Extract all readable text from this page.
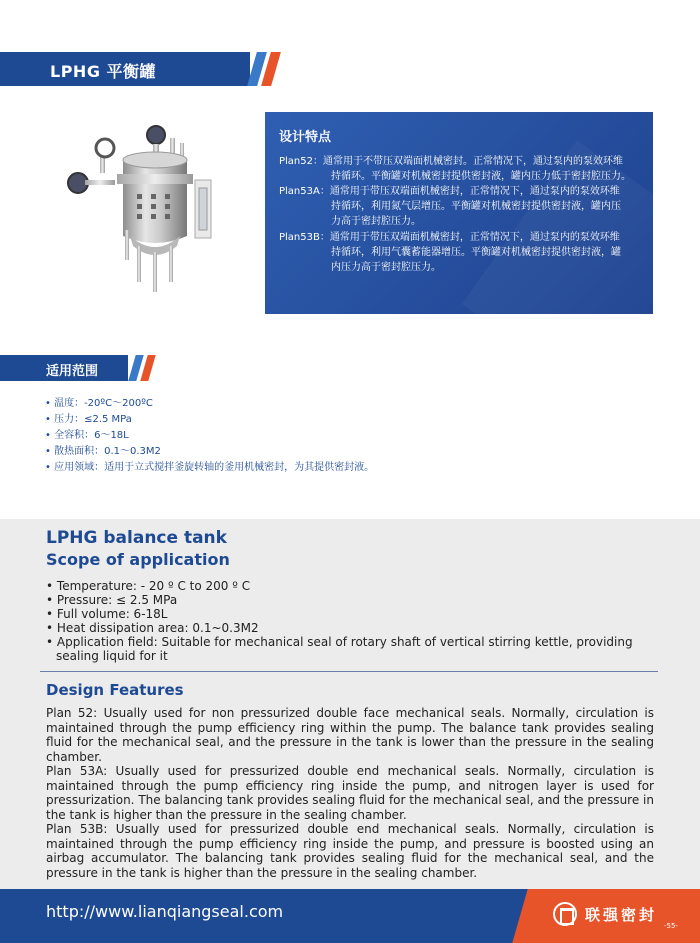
LPHG 平衡罐
设计特点
Plan52：通常用于不带压双端面机械密封。正常情况下，通过泵内的泵效环维
持循环。平衡罐对机械密封提供密封液，罐内压力低于密封腔压力。
Plan53A：通常用于带压双端面机械密封，正常情况下，通过泵内的泵效环维
持循环，利用氮气层增压。平衡罐对机械密封提供密封液，罐内压
力高于密封腔压力。
Plan53B：通常用于带压双端面机械密封，正常情况下，通过泵内的泵效环维
持循环，利用气囊蓄能器增压。平衡罐对机械密封提供密封液，罐
内压力高于密封腔压力。
适用范围
• 温度：-20ºC～200ºC
• 压力：≤2.5 MPa
• 全容积：6～18L
• 散热面积：0.1～0.3M2
• 应用领域：适用于立式搅拌釜旋转轴的釜用机械密封，为其提供密封液。
LPHG balance tank
Scope of application
• Temperature: - 20 º C to 200 º C
• Pressure: ≤ 2.5 MPa
• Full volume: 6-18L
• Heat dissipation area: 0.1~0.3M2
• Application field: Suitable for mechanical seal of rotary shaft of vertical stirring kettle, providing sealing liquid for it
Design Features

Plan 52: Usually used for non pressurized double face mechanical seals. Normally, circulation is maintained through the pump efficiency ring within the pump. The balance tank provides sealing fluid for the mechanical seal, and the pressure in the tank is lower than the pressure in the sealing chamber.

Plan 53A: Usually used for pressurized double end mechanical seals. Normally, circulation is maintained through the pump efficiency ring inside the pump, and nitrogen layer is used for pressurization. The balancing tank provides sealing fluid for the mechanical seal, and the pressure in the tank is higher than the pressure in the sealing chamber.

Plan 53B: Usually used for pressurized double end mechanical seals. Normally, circulation is maintained through the pump efficiency ring inside the pump, and pressure is boosted using an airbag accumulator. The balancing tank provides sealing fluid for the mechanical seal, and the pressure in the tank is higher than the pressure in the sealing chamber.

http://www.lianqiangseal.com	联强密封
-55-
